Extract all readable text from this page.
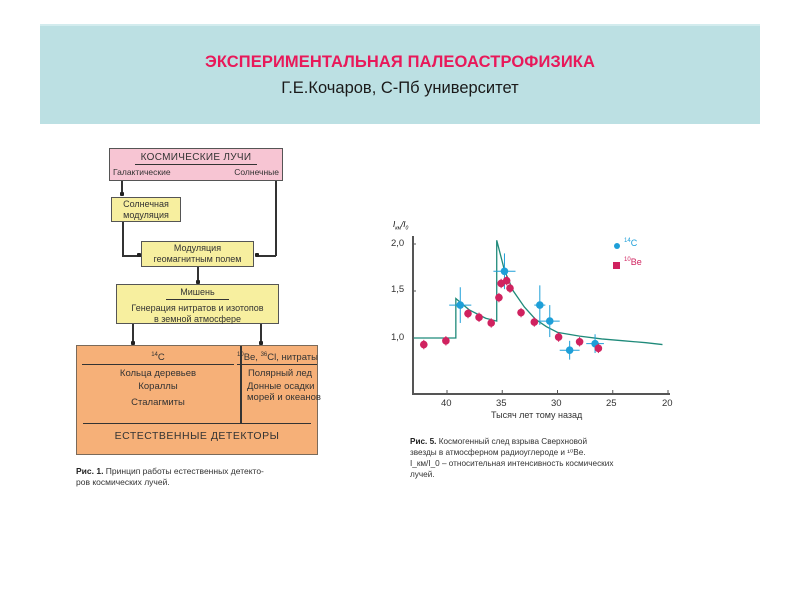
ЭКСПЕРИМЕНТАЛЬНАЯ ПАЛЕОАСТРОФИЗИКА
Г.Е.Кочаров, С-Пб университет
КОСМИЧЕСКИЕ ЛУЧИ
Галактические	Солнечные
Солнечная
модуляция
Модуляция
геомагнитным полем
Мишень
Генерация нитратов и изотопов
в земной атмосфере
$^{14}$C
Кольца деревьев
Кораллы
Сталагмиты
$^{10}$Be, $^{36}$Cl, нитраты
Полярный лед
Донные осадки
морей и океанов
ЕСТЕСТВЕННЫЕ ДЕТЕКТОРЫ
Рис. 1. Принцип работы естественных детекто-
ров космических лучей.
$I_{км}/I_0$
2,0
1,5
1,0
40	35	30	25	20
Тысяч лет тому назад
$^{14}$C
$^{10}$Be
Рис. 5. Космогенный след взрыва Сверхновой
звезды в атмосферном радиоуглероде и ¹⁰Be.
I_км/I_0 – относительная интенсивность космических
лучей.
